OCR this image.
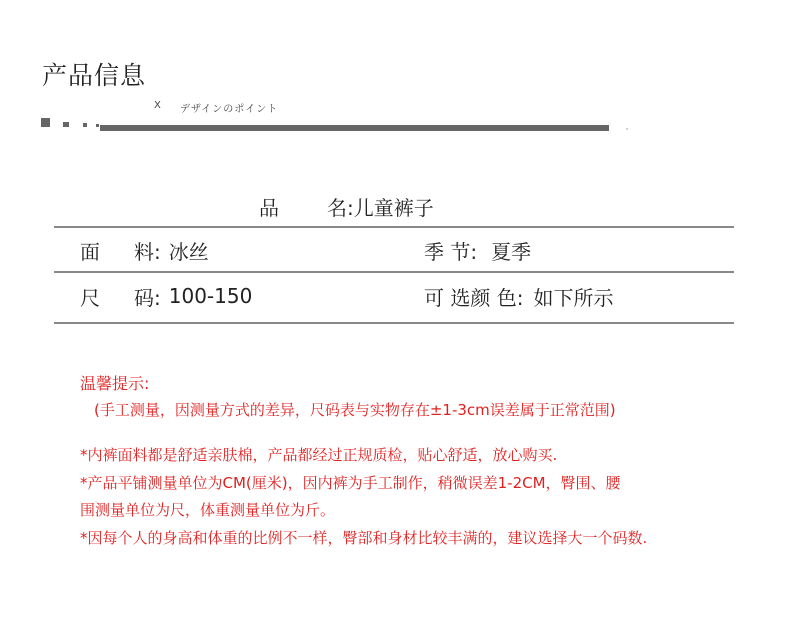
产品信息
X デザインのポイント
品 名: 儿童裤子
面 料: 冰丝	季 节: 夏季
尺 码: 100-150	可 选颜 色: 如下所示
温馨提示:
(手工测量，因测量方式的差异，尺码表与实物存在±1-3cm误差属于正常范围)
*内裤面料都是舒适亲肤棉，产品都经过正规质检，贴心舒适，放心购买.
*产品平铺测量单位为CM(厘米)，因内裤为手工制作，稍微误差1-2CM，臀围、腰
围测量单位为尺，体重测量单位为斤。
*因每个人的身高和体重的比例不一样，臀部和身材比较丰满的，建议选择大一个码数.
